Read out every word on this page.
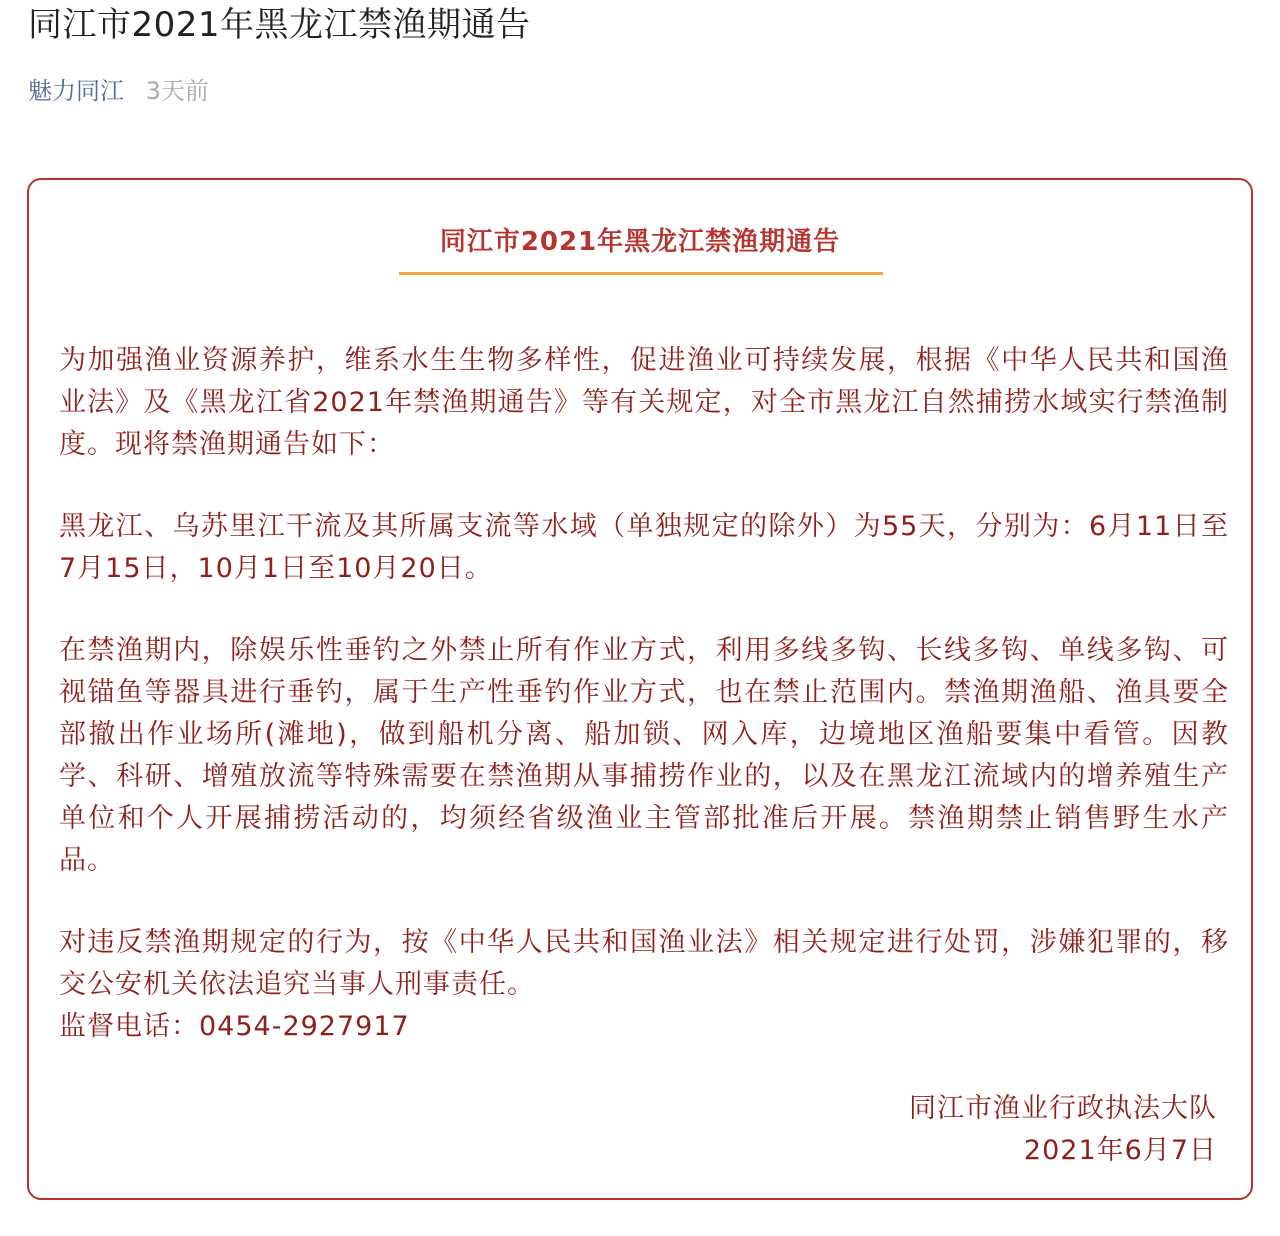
同江市2021年黑龙江禁渔期通告
魅力同江 3天前
同江市2021年黑龙江禁渔期通告

为加强渔业资源养护，维系水生生物多样性，促进渔业可持续发展，根据《中华人民共和国渔业法》及《黑龙江省2021年禁渔期通告》等有关规定，对全市黑龙江自然捕捞水域实行禁渔制度。现将禁渔期通告如下：

黑龙江、乌苏里江干流及其所属支流等水域（单独规定的除外）为55天，分别为：6月11日至7月15日，10月1日至10月20日。

在禁渔期内，除娱乐性垂钓之外禁止所有作业方式，利用多线多钩、长线多钩、单线多钩、可视锚鱼等器具进行垂钓，属于生产性垂钓作业方式，也在禁止范围内。禁渔期渔船、渔具要全部撤出作业场所(滩地)，做到船机分离、船加锁、网入库，边境地区渔船要集中看管。因教学、科研、增殖放流等特殊需要在禁渔期从事捕捞作业的，以及在黑龙江流域内的增养殖生产单位和个人开展捕捞活动的，均须经省级渔业主管部批准后开展。禁渔期禁止销售野生水产品。

对违反禁渔期规定的行为，按《中华人民共和国渔业法》相关规定进行处罚，涉嫌犯罪的，移交公安机关依法追究当事人刑事责任。

监督电话：0454-2927917

同江市渔业行政执法大队
2021年6月7日
